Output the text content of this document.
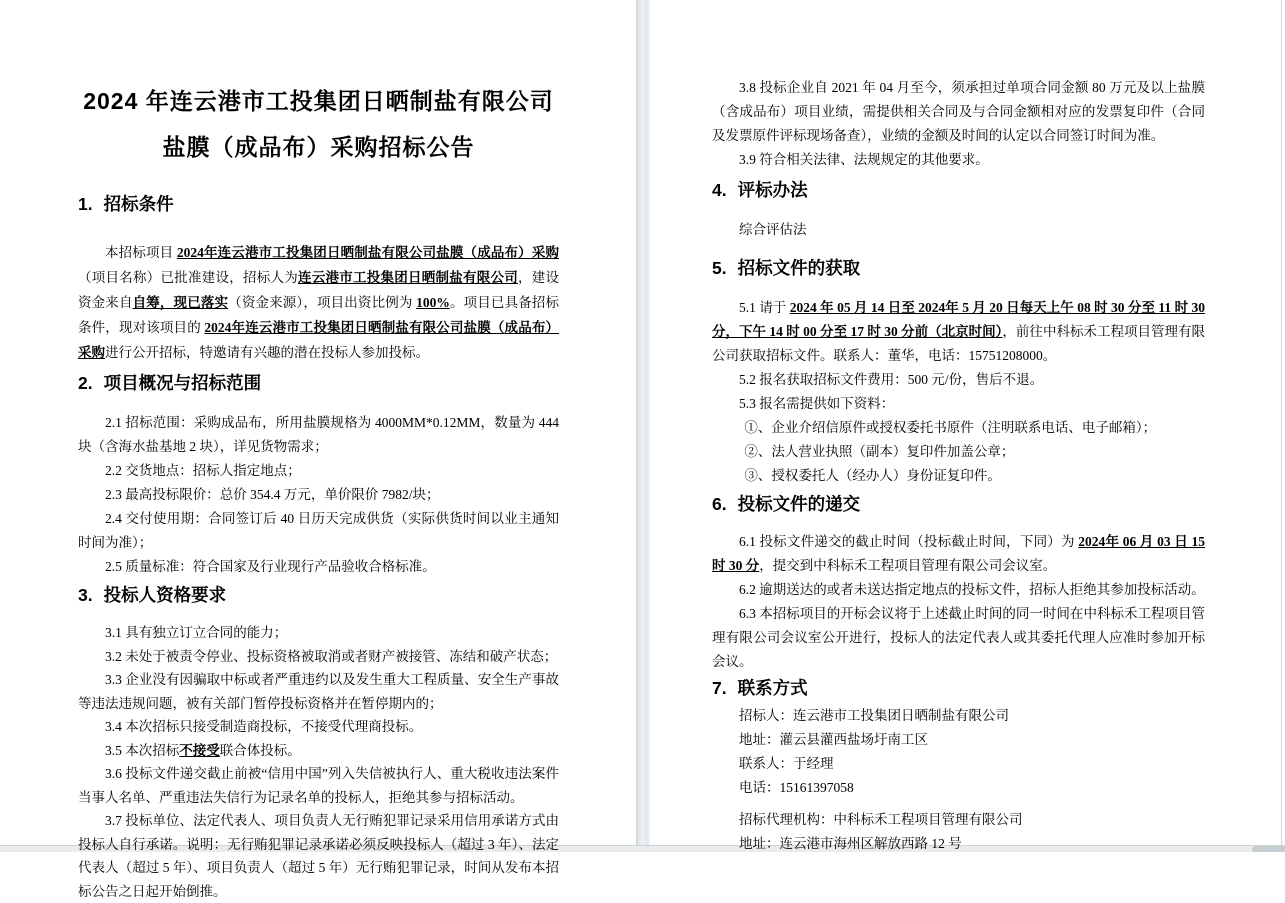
2024 年连云港市工投集团日晒制盐有限公司
盐膜（成品布）采购招标公告
1. 招标条件

本招标项目 2024年连云港市工投集团日晒制盐有限公司盐膜（成品布）采购（项目名称）已批准建设，招标人为连云港市工投集团日晒制盐有限公司，建设资金来自自筹，现已落实（资金来源），项目出资比例为 100%。项目已具备招标条件，现对该项目的 2024年连云港市工投集团日晒制盐有限公司盐膜（成品布）采购进行公开招标，特邀请有兴趣的潜在投标人参加投标。

2. 项目概况与招标范围

2.1 招标范围：采购成品布，所用盐膜规格为 4000MM*0.12MM，数量为 444 块（含海水盐基地 2 块），详见货物需求；

2.2 交货地点：招标人指定地点；

2.3 最高投标限价：总价 354.4 万元，单价限价 7982/块；

2.4 交付使用期：合同签订后 40 日历天完成供货（实际供货时间以业主通知时间为准）；

2.5 质量标准：符合国家及行业现行产品验收合格标准。

3. 投标人资格要求

3.1 具有独立订立合同的能力；

3.2 未处于被责令停业、投标资格被取消或者财产被接管、冻结和破产状态；

3.3 企业没有因骗取中标或者严重违约以及发生重大工程质量、安全生产事故等违法违规问题，被有关部门暂停投标资格并在暂停期内的；

3.4 本次招标只接受制造商投标，不接受代理商投标。

3.5 本次招标不接受联合体投标。

3.6 投标文件递交截止前被“信用中国”列入失信被执行人、重大税收违法案件当事人名单、严重违法失信行为记录名单的投标人，拒绝其参与招标活动。

3.7 投标单位、法定代表人、项目负责人无行贿犯罪记录采用信用承诺方式由投标人自行承诺。说明：无行贿犯罪记录承诺必须反映投标人（超过 3 年）、法定代表人（超过 5 年）、项目负责人（超过 5 年）无行贿犯罪记录，时间从发布本招标公告之日起开始倒推。

3.8 投标企业自 2021 年 04 月至今，须承担过单项合同金额 80 万元及以上盐膜（含成品布）项目业绩，需提供相关合同及与合同金额相对应的发票复印件（合同及发票原件评标现场备查），业绩的金额及时间的认定以合同签订时间为准。

3.9 符合相关法律、法规规定的其他要求。

4. 评标办法

综合评估法

5. 招标文件的获取

5.1 请于 2024 年 05 月 14 日至 2024年 5 月 20 日每天上午 08 时 30 分至 11 时 30 分，下午 14 时 00 分至 17 时 30 分前（北京时间），前往中科标禾工程项目管理有限公司获取招标文件。联系人：董华，电话：15751208000。

5.2 报名获取招标文件费用：500 元/份，售后不退。

5.3 报名需提供如下资料：

①、企业介绍信原件或授权委托书原件（注明联系电话、电子邮箱）；

②、法人营业执照（副本）复印件加盖公章；

③、授权委托人（经办人）身份证复印件。

6. 投标文件的递交

6.1 投标文件递交的截止时间（投标截止时间，下同）为 2024年 06 月 03 日 15 时 30 分，提交到中科标禾工程项目管理有限公司会议室。

6.2 逾期送达的或者未送达指定地点的投标文件，招标人拒绝其参加投标活动。

6.3 本招标项目的开标会议将于上述截止时间的同一时间在中科标禾工程项目管理有限公司会议室公开进行，投标人的法定代表人或其委托代理人应准时参加开标会议。

7. 联系方式

招标人：连云港市工投集团日晒制盐有限公司

地址：灌云县灌西盐场圩南工区

联系人：于经理

电话：15161397058

招标代理机构：中科标禾工程项目管理有限公司

地址：连云港市海州区解放西路 12 号
